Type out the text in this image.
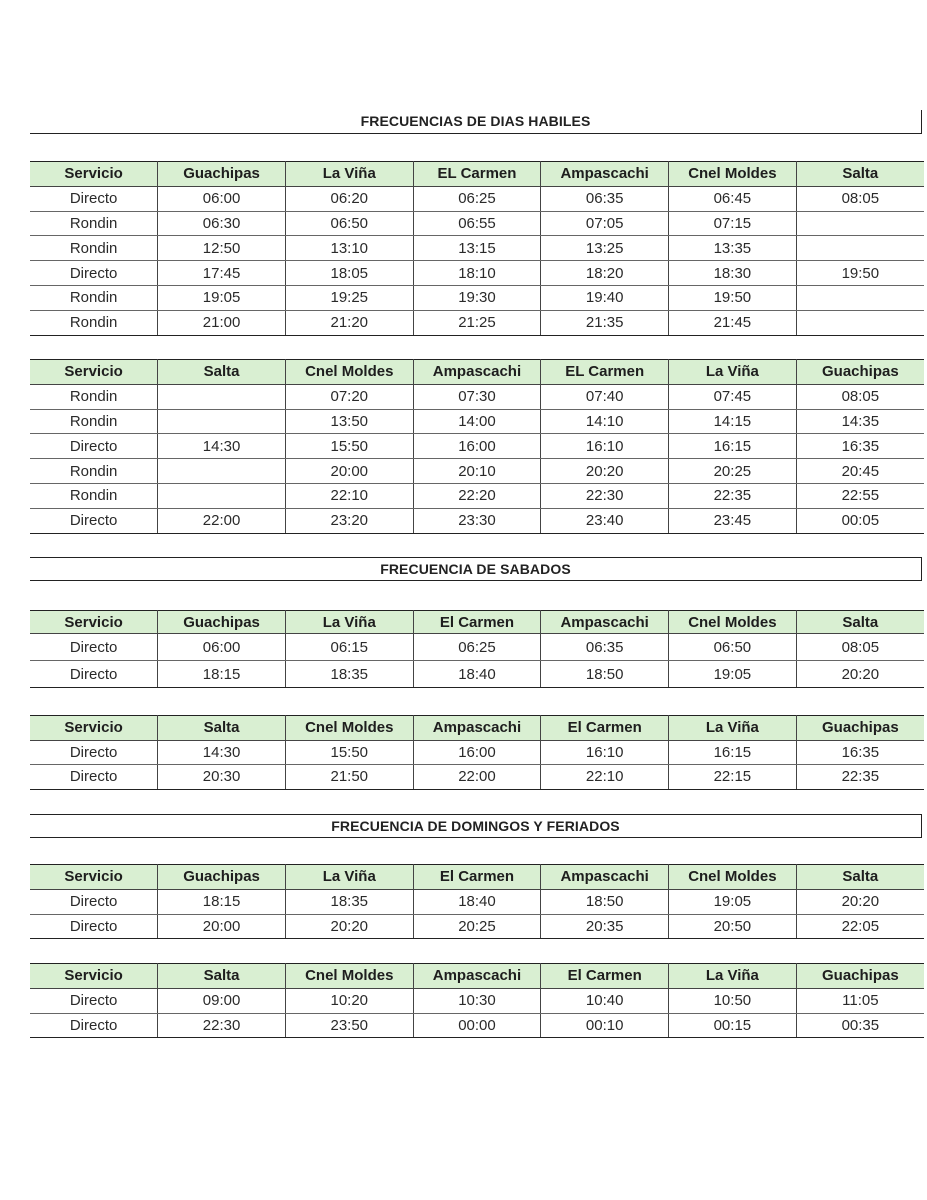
FRECUENCIAS DE DIAS HABILES
Servicio	Guachipas	La Viña	EL Carmen	Ampascachi	Cnel Moldes	Salta
Directo	06:00	06:20	06:25	06:35	06:45	08:05
Rondin	06:30	06:50	06:55	07:05	07:15	
Rondin	12:50	13:10	13:15	13:25	13:35	
Directo	17:45	18:05	18:10	18:20	18:30	19:50
Rondin	19:05	19:25	19:30	19:40	19:50	
Rondin	21:00	21:20	21:25	21:35	21:45	
Servicio	Salta	Cnel Moldes	Ampascachi	EL Carmen	La Viña	Guachipas
Rondin		07:20	07:30	07:40	07:45	08:05
Rondin		13:50	14:00	14:10	14:15	14:35
Directo	14:30	15:50	16:00	16:10	16:15	16:35
Rondin		20:00	20:10	20:20	20:25	20:45
Rondin		22:10	22:20	22:30	22:35	22:55
Directo	22:00	23:20	23:30	23:40	23:45	00:05
FRECUENCIA DE SABADOS
Servicio	Guachipas	La Viña	El Carmen	Ampascachi	Cnel Moldes	Salta
Directo	06:00	06:15	06:25	06:35	06:50	08:05
Directo	18:15	18:35	18:40	18:50	19:05	20:20
Servicio	Salta	Cnel Moldes	Ampascachi	El Carmen	La Viña	Guachipas
Directo	14:30	15:50	16:00	16:10	16:15	16:35
Directo	20:30	21:50	22:00	22:10	22:15	22:35
FRECUENCIA DE DOMINGOS Y FERIADOS
Servicio	Guachipas	La Viña	El Carmen	Ampascachi	Cnel Moldes	Salta
Directo	18:15	18:35	18:40	18:50	19:05	20:20
Directo	20:00	20:20	20:25	20:35	20:50	22:05
Servicio	Salta	Cnel Moldes	Ampascachi	El Carmen	La Viña	Guachipas
Directo	09:00	10:20	10:30	10:40	10:50	11:05
Directo	22:30	23:50	00:00	00:10	00:15	00:35
